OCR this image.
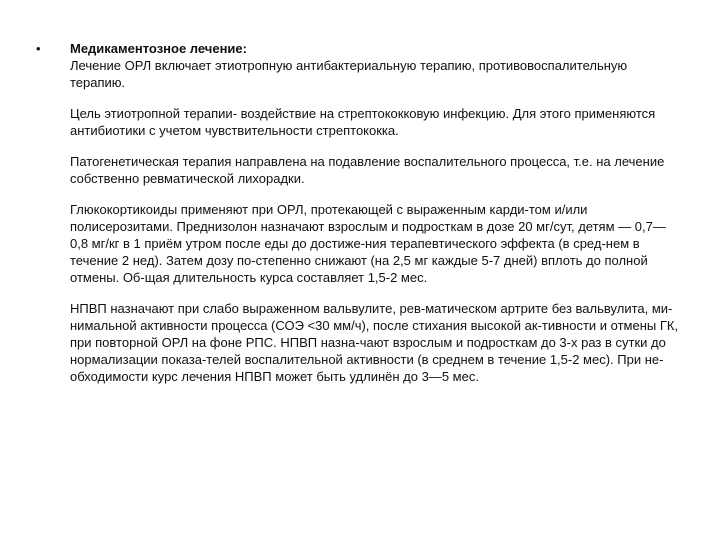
• Медикаментозное лечение:
Лечение ОРЛ включает этиотропную антибактериальную терапию, противовоспалительную терапию.
Цель этиотропной терапии- воздействие на стрептококковую инфекцию. Для этого применяются антибиотики с учетом чувствительности стрептококка.
Патогенетическая терапия направлена на подавление воспалительного процесса, т.е. на лечение собственно ревматической лихорадки.
Глюкокортикоиды применяют при ОРЛ, протекающей с выраженным карди-том и/или полисерозитами. Преднизолон назначают взрослым и подросткам в дозе 20 мг/сут, детям — 0,7—0,8 мг/кг в 1 приём утром после еды до достиже-ния терапевтического эффекта (в сред-нем в течение 2 нед). Затем дозу по-степенно снижают (на 2,5 мг каждые 5-7 дней) вплоть до полной отмены. Об-щая длительность курса составляет 1,5-2 мес.
НПВП назначают при слабо выраженном вальвулите, рев-матическом артрите без вальвулита, ми-нимальной активности процесса (СОЭ <30 мм/ч), после стихания высокой ак-тивности и отмены ГК, при повторной ОРЛ на фоне РПС. НПВП назна-чают взрослым и подросткам до 3-х раз в сутки до нормализации показа-телей воспалительной активности (в среднем в течение 1,5-2 мес). При не-обходимости курс лечения НПВП может быть удлинён до 3—5 мес.
